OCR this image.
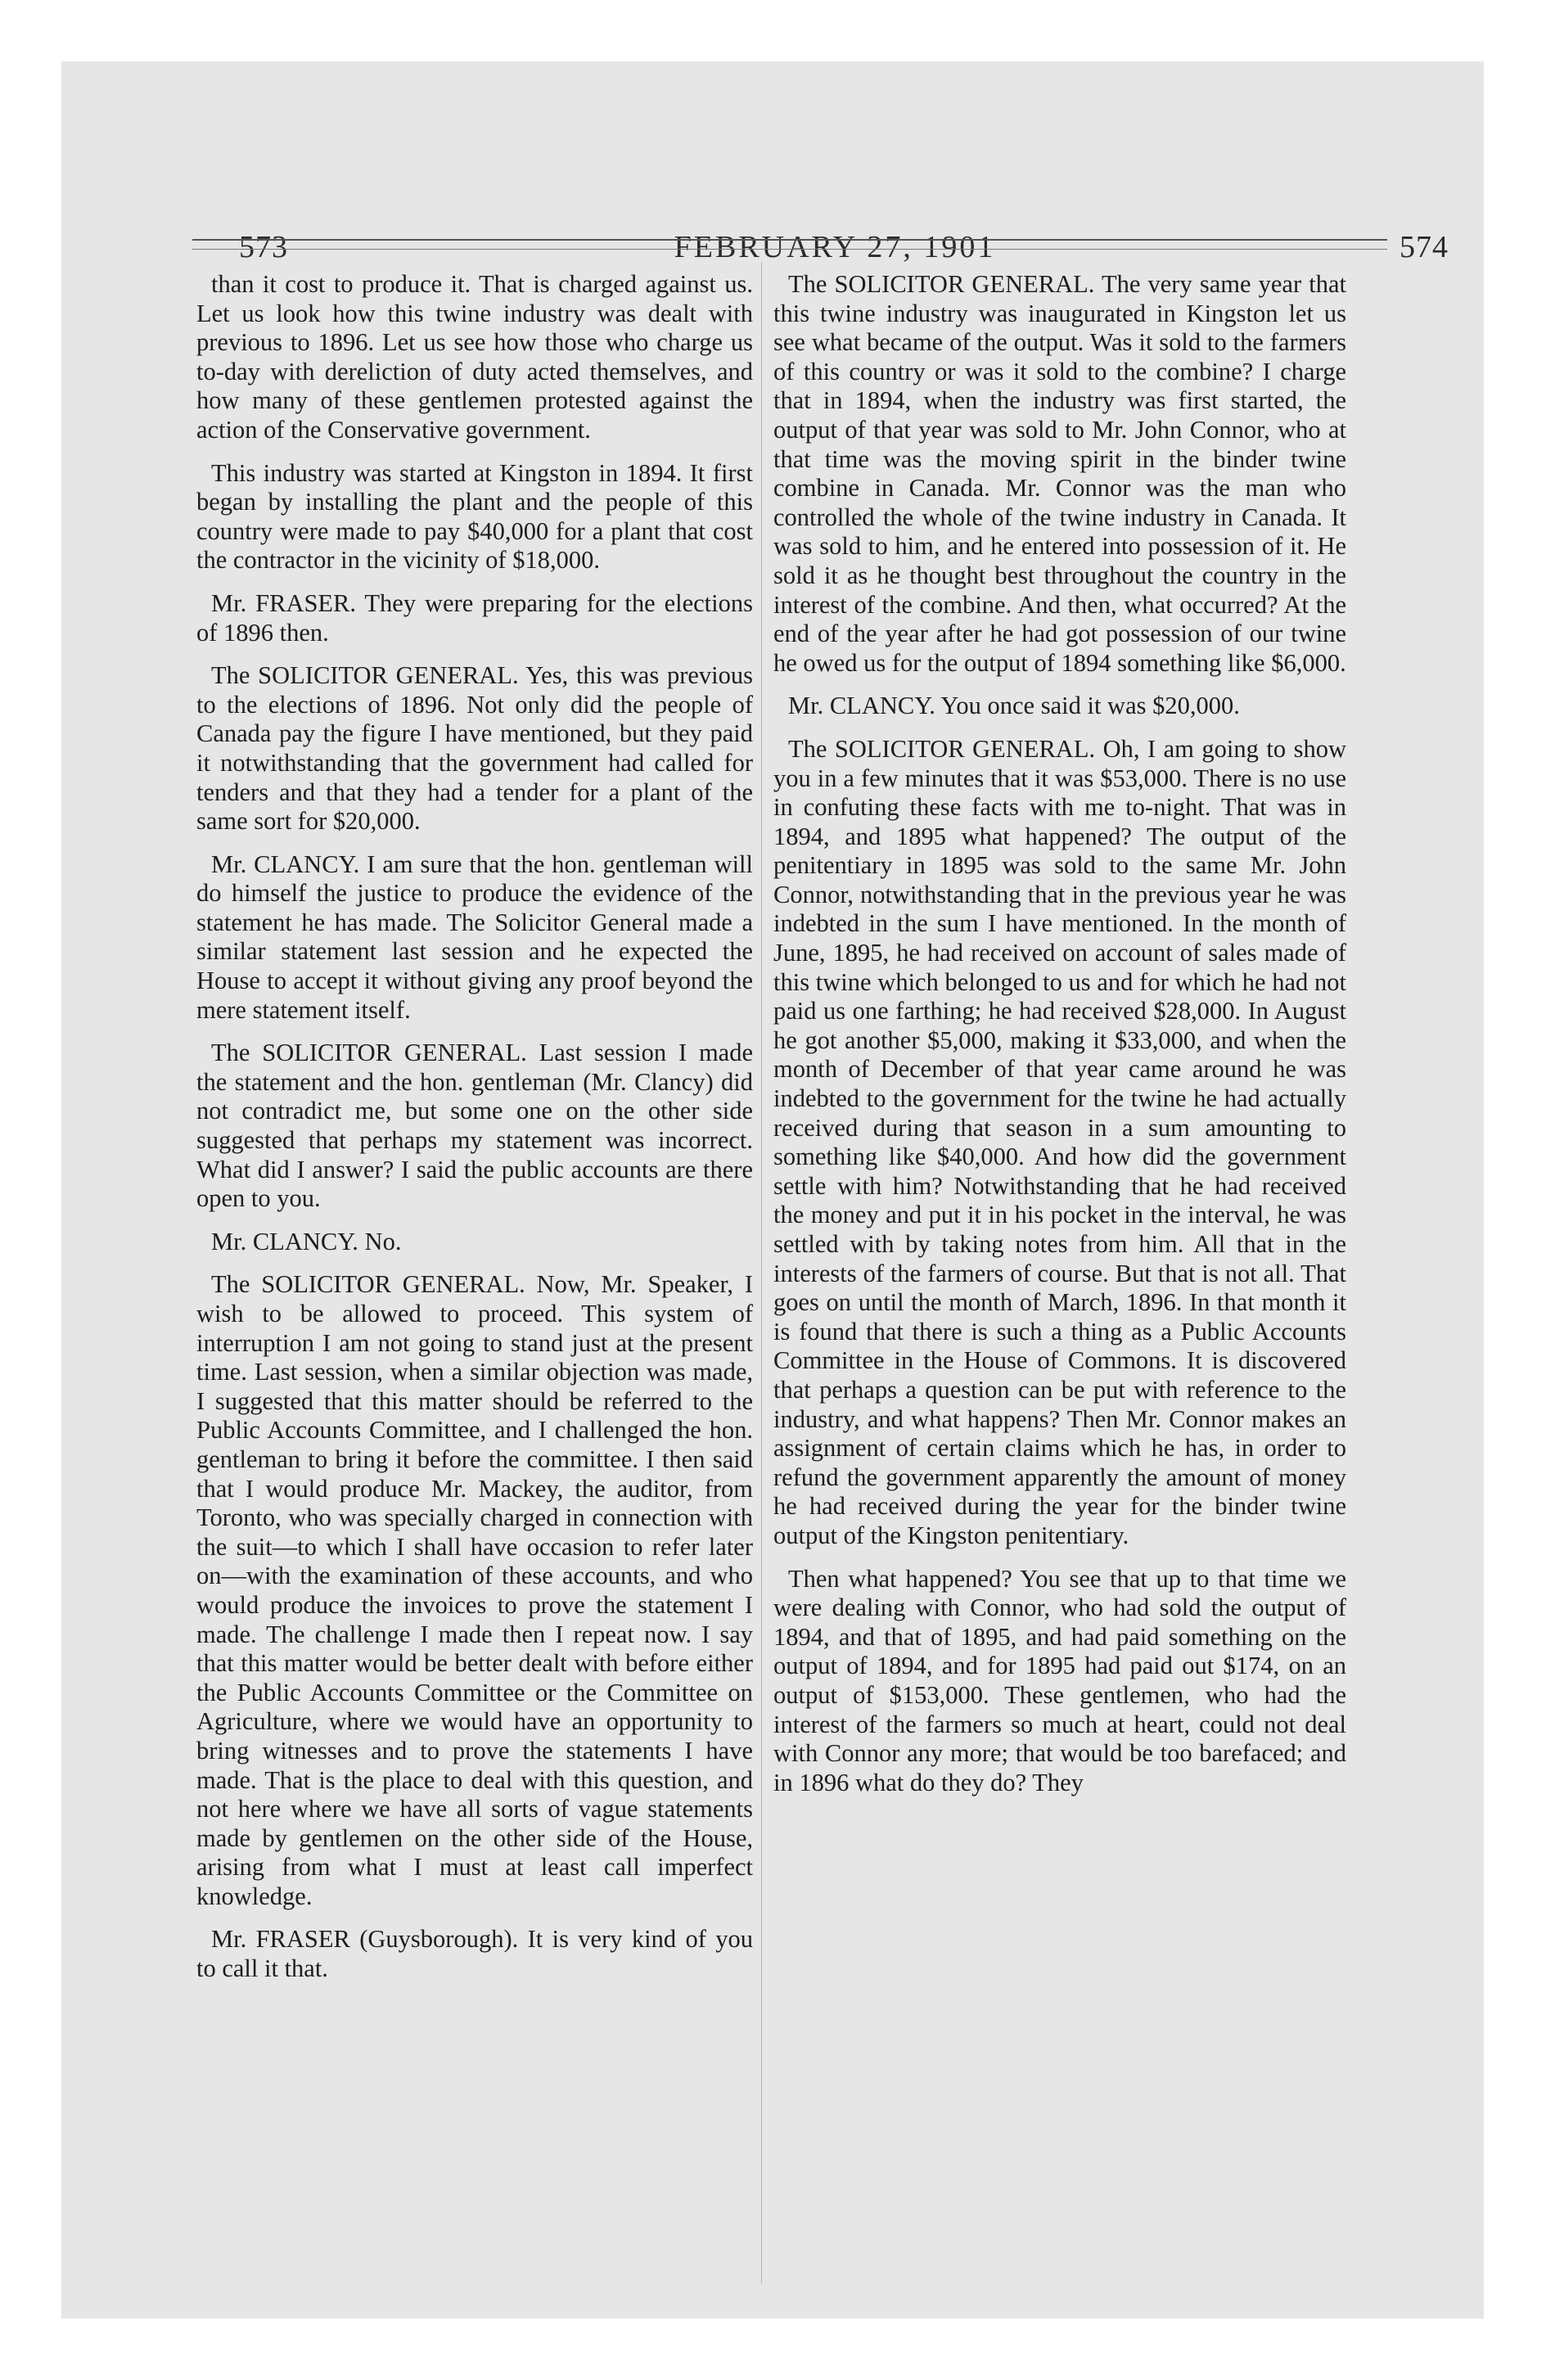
573	FEBRUARY 27, 1901	574

than it cost to produce it. That is charged against us. Let us look how this twine industry was dealt with previous to 1896. Let us see how those who charge us to-day with dereliction of duty acted themselves, and how many of these gentlemen protested against the action of the Conservative government.

This industry was started at Kingston in 1894. It first began by installing the plant and the people of this country were made to pay $40,000 for a plant that cost the contractor in the vicinity of $18,000.

Mr. FRASER. They were preparing for the elections of 1896 then.

The SOLICITOR GENERAL. Yes, this was previous to the elections of 1896. Not only did the people of Canada pay the figure I have mentioned, but they paid it notwithstanding that the government had called for tenders and that they had a tender for a plant of the same sort for $20,000.

Mr. CLANCY. I am sure that the hon. gentleman will do himself the justice to produce the evidence of the statement he has made. The Solicitor General made a similar statement last session and he expected the House to accept it without giving any proof beyond the mere statement itself.

The SOLICITOR GENERAL. Last session I made the statement and the hon. gentleman (Mr. Clancy) did not contradict me, but some one on the other side suggested that perhaps my statement was incorrect. What did I answer? I said the public accounts are there open to you.

Mr. CLANCY. No.

The SOLICITOR GENERAL. Now, Mr. Speaker, I wish to be allowed to proceed. This system of interruption I am not going to stand just at the present time. Last session, when a similar objection was made, I suggested that this matter should be referred to the Public Accounts Committee, and I challenged the hon. gentleman to bring it before the committee. I then said that I would produce Mr. Mackey, the auditor, from Toronto, who was specially charged in connection with the suit—to which I shall have occasion to refer later on—with the examination of these accounts, and who would produce the invoices to prove the statement I made. The challenge I made then I repeat now. I say that this matter would be better dealt with before either the Public Accounts Committee or the Committee on Agriculture, where we would have an opportunity to bring witnesses and to prove the statements I have made. That is the place to deal with this question, and not here where we have all sorts of vague statements made by gentlemen on the other side of the House, arising from what I must at least call imperfect knowledge.

Mr. FRASER (Guysborough). It is very kind of you to call it that.

The SOLICITOR GENERAL. The very same year that this twine industry was inaugurated in Kingston let us see what became of the output. Was it sold to the farmers of this country or was it sold to the combine? I charge that in 1894, when the industry was first started, the output of that year was sold to Mr. John Connor, who at that time was the moving spirit in the binder twine combine in Canada. Mr. Connor was the man who controlled the whole of the twine industry in Canada. It was sold to him, and he entered into possession of it. He sold it as he thought best throughout the country in the interest of the combine. And then, what occurred? At the end of the year after he had got possession of our twine he owed us for the output of 1894 something like $6,000.

Mr. CLANCY. You once said it was $20,000.

The SOLICITOR GENERAL. Oh, I am going to show you in a few minutes that it was $53,000. There is no use in confuting these facts with me to-night. That was in 1894, and 1895 what happened? The output of the penitentiary in 1895 was sold to the same Mr. John Connor, notwithstanding that in the previous year he was indebted in the sum I have mentioned. In the month of June, 1895, he had received on account of sales made of this twine which belonged to us and for which he had not paid us one farthing; he had received $28,000. In August he got another $5,000, making it $33,000, and when the month of December of that year came around he was indebted to the government for the twine he had actually received during that season in a sum amounting to something like $40,000. And how did the government settle with him? Notwithstanding that he had received the money and put it in his pocket in the interval, he was settled with by taking notes from him. All that in the interests of the farmers of course. But that is not all. That goes on until the month of March, 1896. In that month it is found that there is such a thing as a Public Accounts Committee in the House of Commons. It is discovered that perhaps a question can be put with reference to the industry, and what happens? Then Mr. Connor makes an assignment of certain claims which he has, in order to refund the government apparently the amount of money he had received during the year for the binder twine output of the Kingston penitentiary.

Then what happened? You see that up to that time we were dealing with Connor, who had sold the output of 1894, and that of 1895, and had paid something on the output of 1894, and for 1895 had paid out $174, on an output of $153,000. These gentlemen, who had the interest of the farmers so much at heart, could not deal with Connor any more; that would be too barefaced; and in 1896 what do they do? They
